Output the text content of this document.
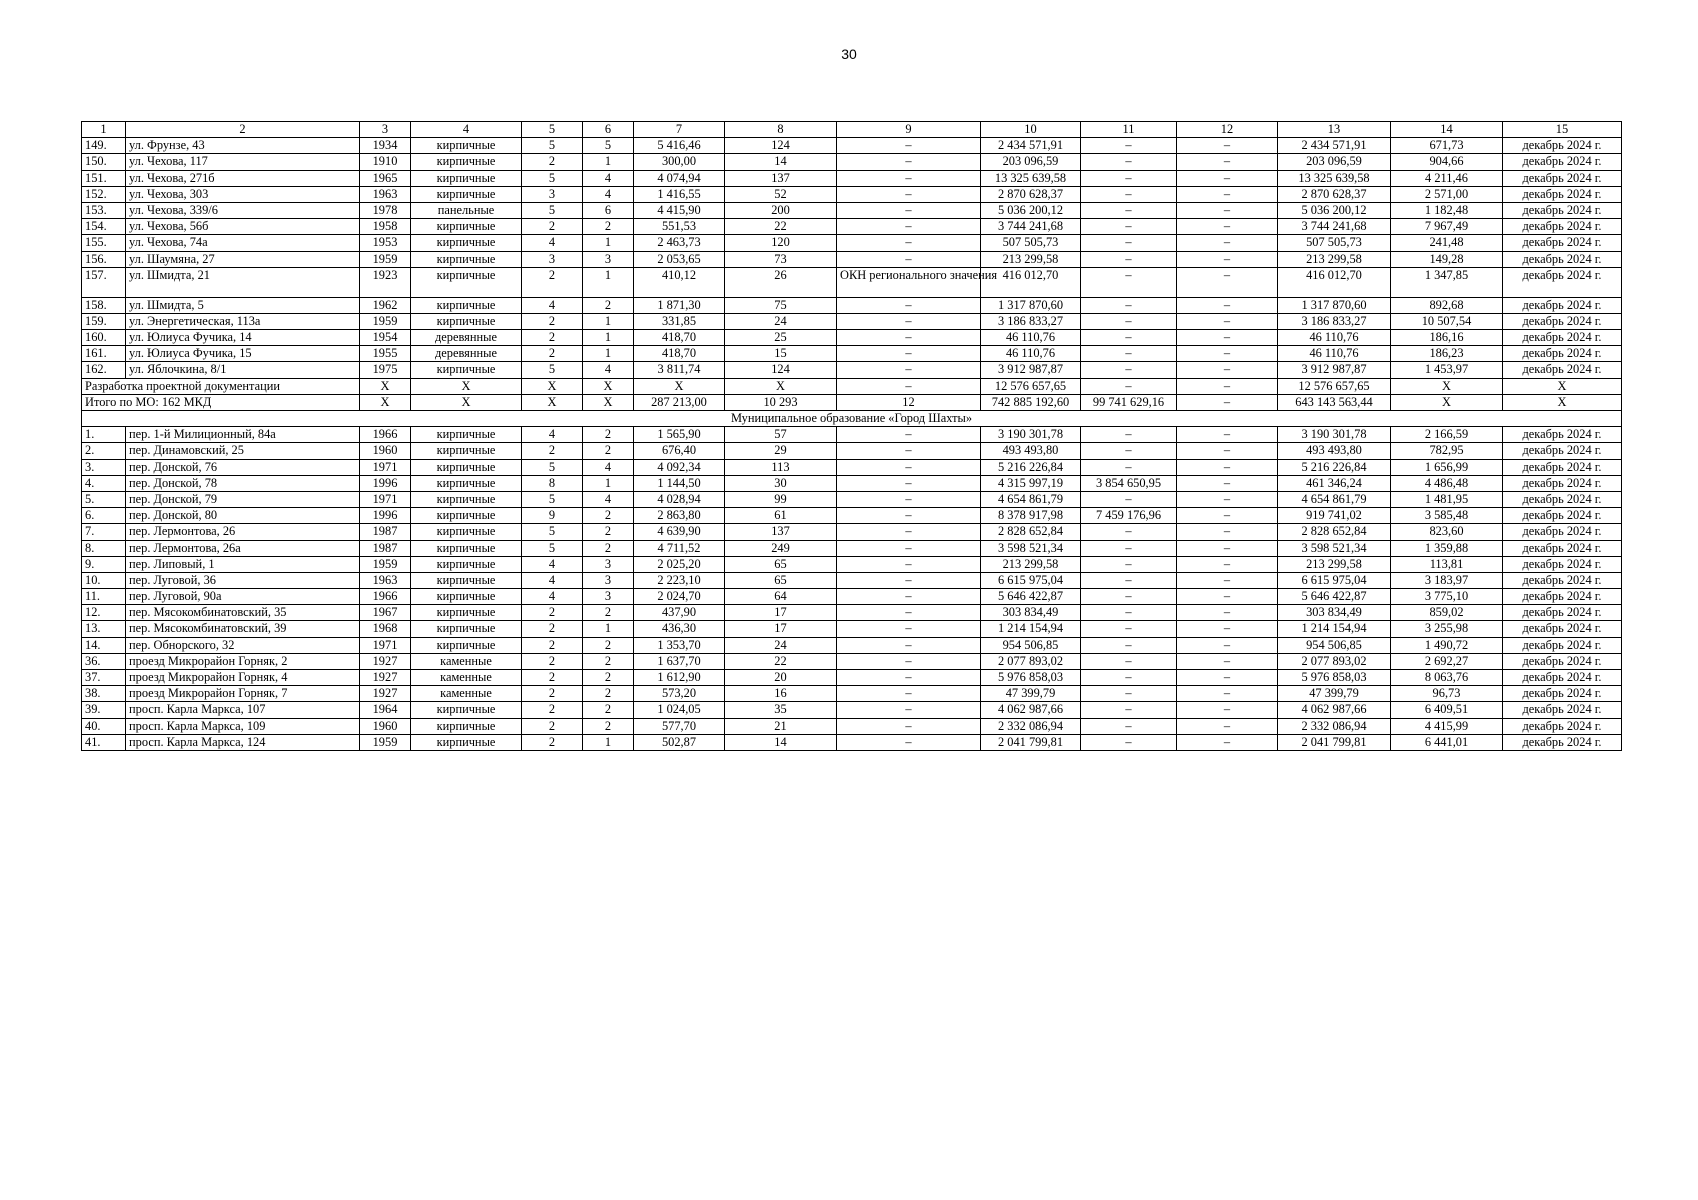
30
1	2	3	4	5	6	7	8	9	10	11	12	13	14	15
149.	ул. Фрунзе, 43	1934	кирпичные	5	5	5 416,46	124	–	2 434 571,91	–	–	2 434 571,91	671,73	декабрь 2024 г.
150.	ул. Чехова, 117	1910	кирпичные	2	1	300,00	14	–	203 096,59	–	–	203 096,59	904,66	декабрь 2024 г.
151.	ул. Чехова, 271б	1965	кирпичные	5	4	4 074,94	137	–	13 325 639,58	–	–	13 325 639,58	4 211,46	декабрь 2024 г.
152.	ул. Чехова, 303	1963	кирпичные	3	4	1 416,55	52	–	2 870 628,37	–	–	2 870 628,37	2 571,00	декабрь 2024 г.
153.	ул. Чехова, 339/6	1978	панельные	5	6	4 415,90	200	–	5 036 200,12	–	–	5 036 200,12	1 182,48	декабрь 2024 г.
154.	ул. Чехова, 56б	1958	кирпичные	2	2	551,53	22	–	3 744 241,68	–	–	3 744 241,68	7 967,49	декабрь 2024 г.
155.	ул. Чехова, 74а	1953	кирпичные	4	1	2 463,73	120	–	507 505,73	–	–	507 505,73	241,48	декабрь 2024 г.
156.	ул. Шаумяна, 27	1959	кирпичные	3	3	2 053,65	73	–	213 299,58	–	–	213 299,58	149,28	декабрь 2024 г.
157.	ул. Шмидта, 21	1923	кирпичные	2	1	410,12	26	ОКН регионального значения	416 012,70	–	–	416 012,70	1 347,85	декабрь 2024 г.
158.	ул. Шмидта, 5	1962	кирпичные	4	2	1 871,30	75	–	1 317 870,60	–	–	1 317 870,60	892,68	декабрь 2024 г.
159.	ул. Энергетическая, 113а	1959	кирпичные	2	1	331,85	24	–	3 186 833,27	–	–	3 186 833,27	10 507,54	декабрь 2024 г.
160.	ул. Юлиуса Фучика, 14	1954	деревянные	2	1	418,70	25	–	46 110,76	–	–	46 110,76	186,16	декабрь 2024 г.
161.	ул. Юлиуса Фучика, 15	1955	деревянные	2	1	418,70	15	–	46 110,76	–	–	46 110,76	186,23	декабрь 2024 г.
162.	ул. Яблочкина, 8/1	1975	кирпичные	5	4	3 811,74	124	–	3 912 987,87	–	–	3 912 987,87	1 453,97	декабрь 2024 г.
Разработка проектной документации		X	X	X	X	X	X	–	12 576 657,65	–	–	12 576 657,65	X	X
Итого по МО: 162 МКД		X	X	X	X	287 213,00	10 293	12	742 885 192,60	99 741 629,16	–	643 143 563,44	X	X
Муниципальное образование «Город Шахты»														
1.	пер. 1-й Милиционный, 84а	1966	кирпичные	4	2	1 565,90	57	–	3 190 301,78	–	–	3 190 301,78	2 166,59	декабрь 2024 г.
2.	пер. Динамовский, 25	1960	кирпичные	2	2	676,40	29	–	493 493,80	–	–	493 493,80	782,95	декабрь 2024 г.
3.	пер. Донской, 76	1971	кирпичные	5	4	4 092,34	113	–	5 216 226,84	–	–	5 216 226,84	1 656,99	декабрь 2024 г.
4.	пер. Донской, 78	1996	кирпичные	8	1	1 144,50	30	–	4 315 997,19	3 854 650,95	–	461 346,24	4 486,48	декабрь 2024 г.
5.	пер. Донской, 79	1971	кирпичные	5	4	4 028,94	99	–	4 654 861,79	–	–	4 654 861,79	1 481,95	декабрь 2024 г.
6.	пер. Донской, 80	1996	кирпичные	9	2	2 863,80	61	–	8 378 917,98	7 459 176,96	–	919 741,02	3 585,48	декабрь 2024 г.
7.	пер. Лермонтова, 26	1987	кирпичные	5	2	4 639,90	137	–	2 828 652,84	–	–	2 828 652,84	823,60	декабрь 2024 г.
8.	пер. Лермонтова, 26а	1987	кирпичные	5	2	4 711,52	249	–	3 598 521,34	–	–	3 598 521,34	1 359,88	декабрь 2024 г.
9.	пер. Липовый, 1	1959	кирпичные	4	3	2 025,20	65	–	213 299,58	–	–	213 299,58	113,81	декабрь 2024 г.
10.	пер. Луговой, 36	1963	кирпичные	4	3	2 223,10	65	–	6 615 975,04	–	–	6 615 975,04	3 183,97	декабрь 2024 г.
11.	пер. Луговой, 90а	1966	кирпичные	4	3	2 024,70	64	–	5 646 422,87	–	–	5 646 422,87	3 775,10	декабрь 2024 г.
12.	пер. Мясокомбинатовский, 35	1967	кирпичные	2	2	437,90	17	–	303 834,49	–	–	303 834,49	859,02	декабрь 2024 г.
13.	пер. Мясокомбинатовский, 39	1968	кирпичные	2	1	436,30	17	–	1 214 154,94	–	–	1 214 154,94	3 255,98	декабрь 2024 г.
14.	пер. Обнорского, 32	1971	кирпичные	2	2	1 353,70	24	–	954 506,85	–	–	954 506,85	1 490,72	декабрь 2024 г.
36.	проезд Микрорайон Горняк, 2	1927	каменные	2	2	1 637,70	22	–	2 077 893,02	–	–	2 077 893,02	2 692,27	декабрь 2024 г.
37.	проезд Микрорайон Горняк, 4	1927	каменные	2	2	1 612,90	20	–	5 976 858,03	–	–	5 976 858,03	8 063,76	декабрь 2024 г.
38.	проезд Микрорайон Горняк, 7	1927	каменные	2	2	573,20	16	–	47 399,79	–	–	47 399,79	96,73	декабрь 2024 г.
39.	просп. Карла Маркса, 107	1964	кирпичные	2	2	1 024,05	35	–	4 062 987,66	–	–	4 062 987,66	6 409,51	декабрь 2024 г.
40.	просп. Карла Маркса, 109	1960	кирпичные	2	2	577,70	21	–	2 332 086,94	–	–	2 332 086,94	4 415,99	декабрь 2024 г.
41.	просп. Карла Маркса, 124	1959	кирпичные	2	1	502,87	14	–	2 041 799,81	–	–	2 041 799,81	6 441,01	декабрь 2024 г.
